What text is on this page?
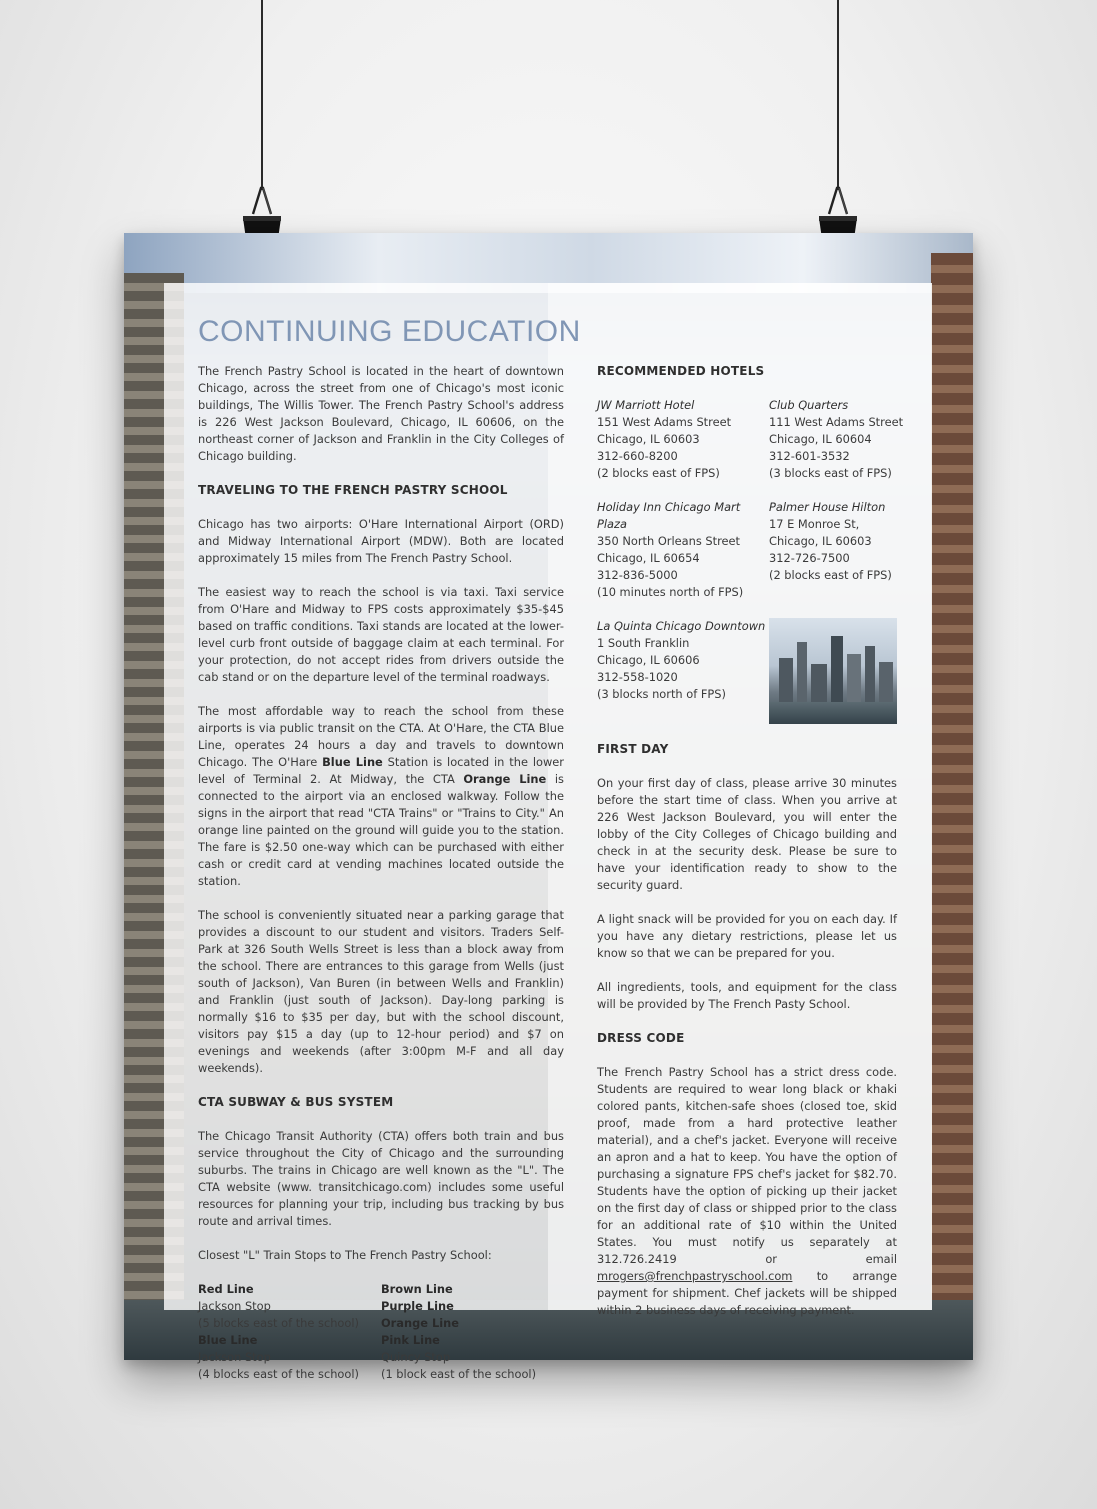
CONTINUING EDUCATION

The French Pastry School is located in the heart of downtown Chicago, across the street from one of Chicago's most iconic buildings, The Willis Tower. The French Pastry School's address is 226 West Jackson Boulevard, Chicago, IL 60606, on the northeast corner of Jackson and Franklin in the City Colleges of Chicago building.

TRAVELING TO THE FRENCH PASTRY SCHOOL

Chicago has two airports: O'Hare International Airport (ORD) and Midway International Airport (MDW). Both are located approximately 15 miles from The French Pastry School.

The easiest way to reach the school is via taxi. Taxi service from O'Hare and Midway to FPS costs approximately $35-$45 based on traffic conditions. Taxi stands are located at the lower-level curb front outside of baggage claim at each terminal. For your protection, do not accept rides from drivers outside the cab stand or on the departure level of the terminal roadways.

The most affordable way to reach the school from these airports is via public transit on the CTA. At O'Hare, the CTA Blue Line, operates 24 hours a day and travels to downtown Chicago. The O'Hare Blue Line Station is located in the lower level of Terminal 2. At Midway, the CTA Orange Line is connected to the airport via an enclosed walkway. Follow the signs in the airport that read "CTA Trains" or "Trains to City." An orange line painted on the ground will guide you to the station. The fare is $2.50 one-way which can be purchased with either cash or credit card at vending machines located outside the station.

The school is conveniently situated near a parking garage that provides a discount to our student and visitors. Traders Self-Park at 326 South Wells Street is less than a block away from the school. There are entrances to this garage from Wells (just south of Jackson), Van Buren (in between Wells and Franklin) and Franklin (just south of Jackson). Day-long parking is normally $16 to $35 per day, but with the school discount, visitors pay $15 a day (up to 12-hour period) and $7 on evenings and weekends (after 3:00pm M-F and all day weekends).

CTA SUBWAY & BUS SYSTEM

The Chicago Transit Authority (CTA) offers both train and bus service throughout the City of Chicago and the surrounding suburbs. The trains in Chicago are well known as the "L". The CTA website (www. transitchicago.com) includes some useful resources for planning your trip, including bus tracking by bus route and arrival times.

Closest "L" Train Stops to The French Pastry School:

Red Line
Jackson Stop
(5 blocks east of the school)
Blue Line
Jackson Stop
(4 blocks east of the school)
Brown Line
Purple Line
Orange Line
Pink Line
Quincy Stop
(1 block east of the school)
RECOMMENDED HOTELS
JW Marriott Hotel
151 West Adams Street
Chicago, IL 60603
312-660-8200
(2 blocks east of FPS)
Club Quarters
111 West Adams Street
Chicago, IL 60604
312-601-3532
(3 blocks east of FPS)
Holiday Inn Chicago Mart Plaza
350 North Orleans Street
Chicago, IL 60654
312-836-5000
(10 minutes north of FPS)
Palmer House Hilton
17 E Monroe St,
Chicago, IL 60603
312-726-7500
(2 blocks east of FPS)
La Quinta Chicago Downtown
1 South Franklin
Chicago, IL 60606
312-558-1020
(3 blocks north of FPS)
FIRST DAY

On your first day of class, please arrive 30 minutes before the start time of class. When you arrive at 226 West Jackson Boulevard, you will enter the lobby of the City Colleges of Chicago building and check in at the security desk. Please be sure to have your identification ready to show to the security guard.

A light snack will be provided for you on each day. If you have any dietary restrictions, please let us know so that we can be prepared for you.

All ingredients, tools, and equipment for the class will be provided by The French Pasty School.

DRESS CODE

The French Pastry School has a strict dress code. Students are required to wear long black or khaki colored pants, kitchen-safe shoes (closed toe, skid proof, made from a hard protective leather material), and a chef's jacket. Everyone will receive an apron and a hat to keep. You have the option of purchasing a signature FPS chef's jacket for $82.70. Students have the option of picking up their jacket on the first day of class or shipped prior to the class for an additional rate of $10 within the United States. You must notify us separately at 312.726.2419 or email mrogers@frenchpastryschool.com to arrange payment for shipment. Chef jackets will be shipped within 2 business days of receiving payment.
